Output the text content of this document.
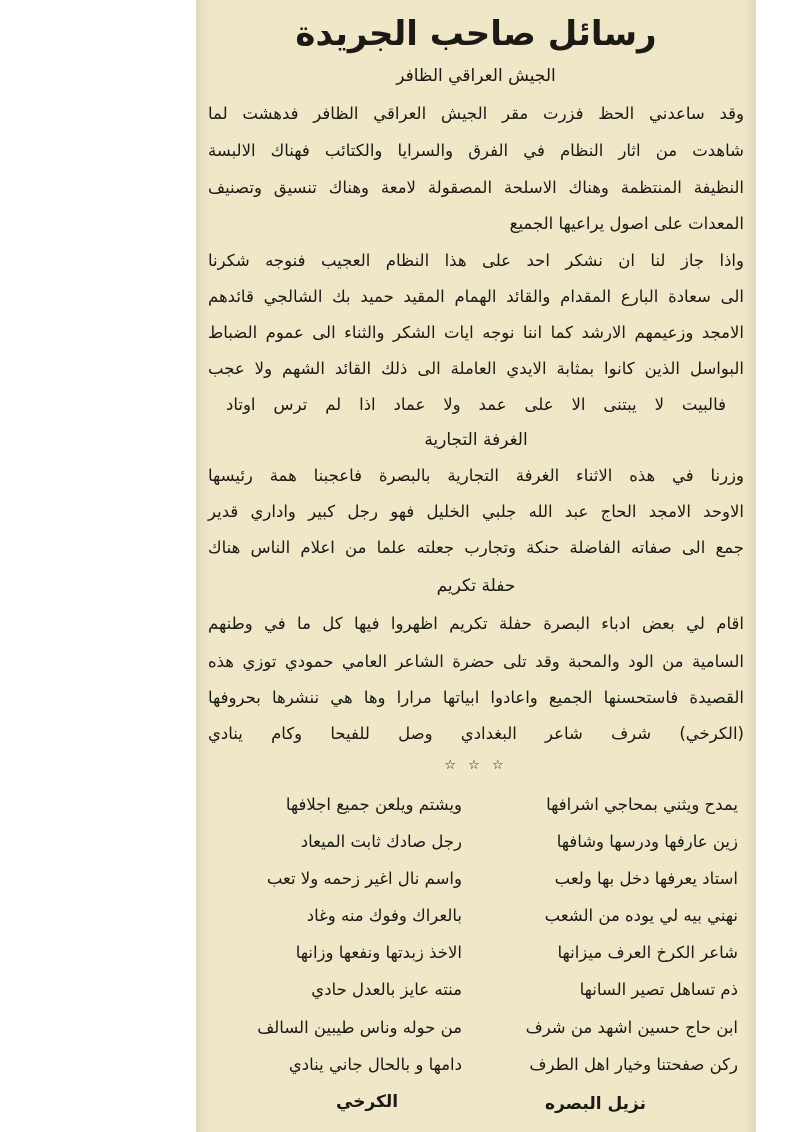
رسائل صاحب الجريدة
الجيش العراقي الظافر
وقد ساعدني الحظ فزرت مقر الجيش العراقي الظافر فدهشت لما
شاهدت من اثار النظام في الفرق والسرايا والكتائب فهناك الالبسة
النظيفة المنتظمة وهناك الاسلحة المصقولة لامعة وهناك تنسيق وتصنيف
المعدات على اصول يراعيها الجميع
واذا جاز لنا ان نشكر احد على هذا النظام العجيب فنوجه شكرنا
الى سعادة البارع المقدام والقائد الهمام المقيد حميد بك الشالجي قائدهم
الامجد وزعيمهم الارشد كما اننا نوجه ايات الشكر والثناء الى عموم الضباط
البواسل الذين كانوا بمثابة الايدي العاملة الى ذلك القائد الشهم ولا عجب
فالبيت لا يبتنى الا على عمد ولا عماد اذا لم ترس اوتاد
الغرفة التجارية
وزرنا في هذه الاثناء الغرفة التجارية بالبصرة فاعجبنا همة رئيسها
الاوحد الامجد الحاج عبد الله جلبي الخليل فهو رجل كبير واداري قدير
جمع الى صفاته الفاضلة حنكة وتجارب جعلته علما من اعلام الناس هناك
حفلة تكريم
اقام لي بعض ادباء البصرة حفلة تكريم اظهروا فيها كل ما في وطنهم
السامية من الود والمحبة وقد تلى حضرة الشاعر العامي حمودي توزي هذه
القصيدة فاستحسنها الجميع واعادوا ابياتها مرارا وها هي ننشرها بحروفها
(الكرخي) شرف شاعر البغدادي وصل للفيحا وكام ينادي
☆ ☆ ☆
يمدح ويثني بمحاجي اشرافها
ويشتم ويلعن جميع اجلافها
زين عارفها ودرسها وشافها
رجل صادك ثابت الميعاد
استاد يعرفها دخل بها ولعب
واسم نال اغير زحمه ولا تعب
نهني بيه لي يوده من الشعب
بالعراك وفوك منه وغاد
شاعر الكرخ العرف ميزانها
الاخذ زبدتها ونفعها وزانها
ذم تساهل تصير السانها
منته عايز بالعدل حادي
ابن حاج حسين اشهد من شرف
من حوله وناس طيبين السالف
ركن صفحتنا وخيار اهل الطرف
دامها و بالحال جاني ينادي
نزيل البصره
الكرخي
